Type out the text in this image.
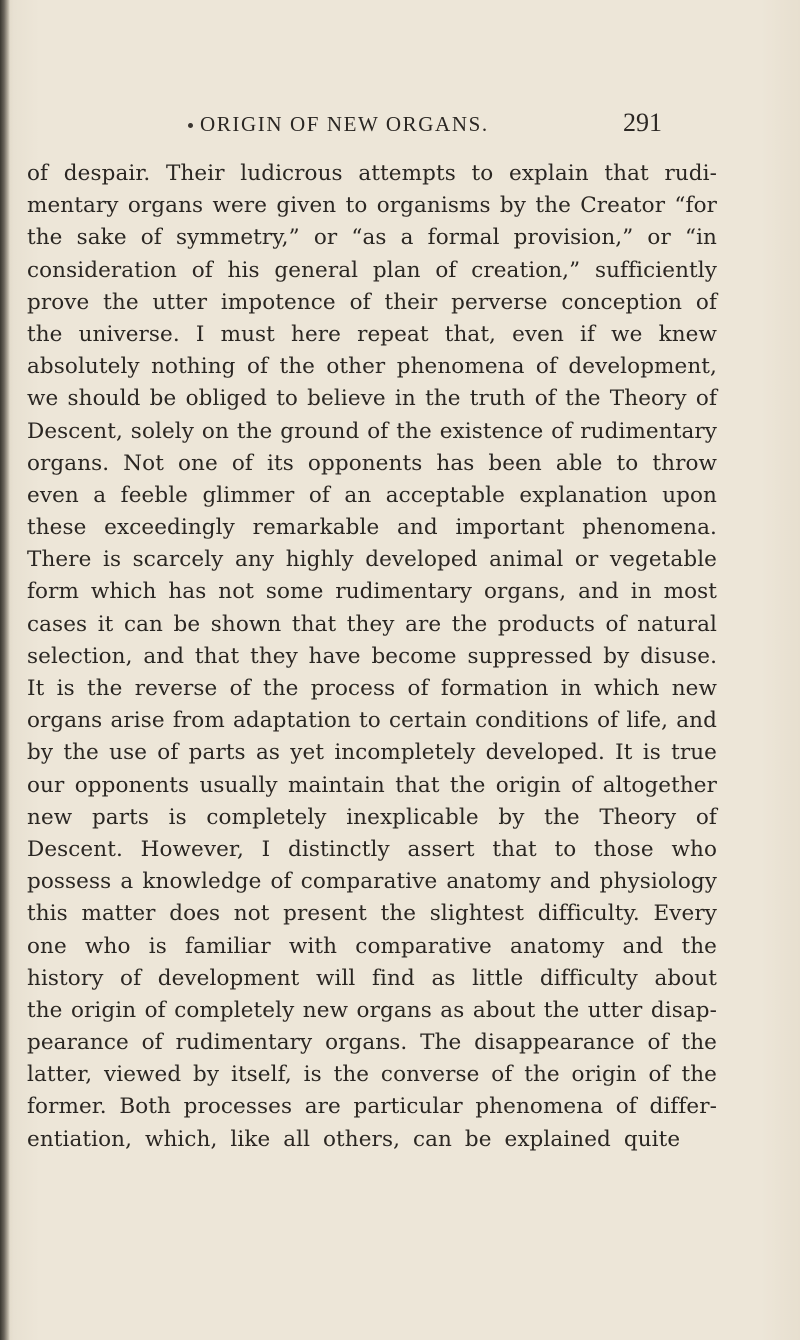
ORIGIN OF NEW ORGANS.	291
of despair. Their ludicrous attempts to explain that rudi-
mentary organs were given to organisms by the Creator “for
the sake of symmetry,” or “as a formal provision,” or “in
consideration of his general plan of creation,” sufficiently
prove the utter impotence of their perverse conception of
the universe. I must here repeat that, even if we knew
absolutely nothing of the other phenomena of development,
we should be obliged to believe in the truth of the Theory of
Descent, solely on the ground of the existence of rudimentary
organs. Not one of its opponents has been able to throw
even a feeble glimmer of an acceptable explanation upon
these exceedingly remarkable and important phenomena.
There is scarcely any highly developed animal or vegetable
form which has not some rudimentary organs, and in most
cases it can be shown that they are the products of natural
selection, and that they have become suppressed by disuse.
It is the reverse of the process of formation in which new
organs arise from adaptation to certain conditions of life, and
by the use of parts as yet incompletely developed. It is true
our opponents usually maintain that the origin of altogether
new parts is completely inexplicable by the Theory of
Descent. However, I distinctly assert that to those who
possess a knowledge of comparative anatomy and physiology
this matter does not present the slightest difficulty. Every
one who is familiar with comparative anatomy and the
history of development will find as little difficulty about
the origin of completely new organs as about the utter disap-
pearance of rudimentary organs. The disappearance of the
latter, viewed by itself, is the converse of the origin of the
former. Both processes are particular phenomena of differ-
entiation, which, like all others, can be explained quite
